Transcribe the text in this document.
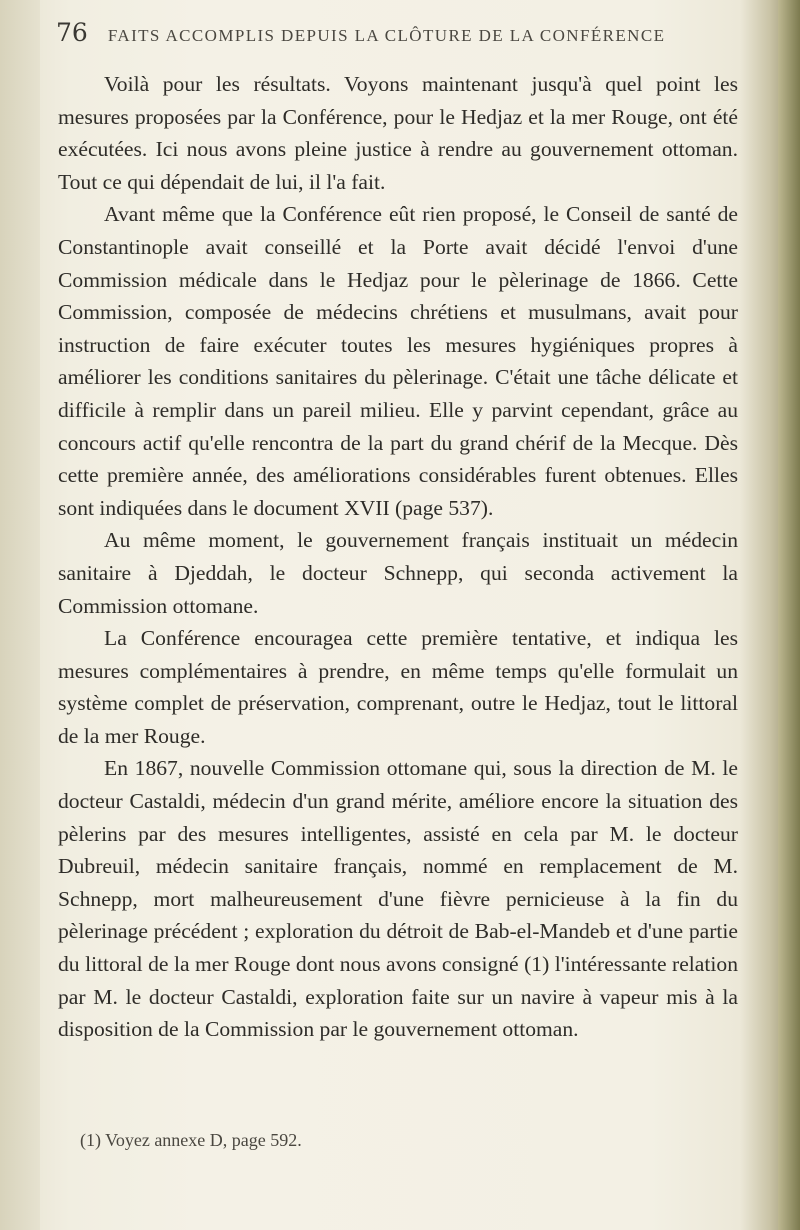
76 FAITS ACCOMPLIS DEPUIS LA CLÔTURE DE LA CONFÉRENCE

Voilà pour les résultats. Voyons maintenant jusqu'à quel point les mesures proposées par la Conférence, pour le Hedjaz et la mer Rouge, ont été exécutées. Ici nous avons pleine justice à rendre au gouvernement ottoman. Tout ce qui dépendait de lui, il l'a fait.

Avant même que la Conférence eût rien proposé, le Conseil de santé de Constantinople avait conseillé et la Porte avait décidé l'envoi d'une Commission médicale dans le Hedjaz pour le pèlerinage de 1866. Cette Commission, composée de médecins chrétiens et musulmans, avait pour instruction de faire exécuter toutes les mesures hygiéniques propres à améliorer les conditions sanitaires du pèlerinage. C'était une tâche délicate et difficile à remplir dans un pareil milieu. Elle y parvint cependant, grâce au concours actif qu'elle rencontra de la part du grand chérif de la Mecque. Dès cette première année, des améliorations considérables furent obtenues. Elles sont indiquées dans le document XVII (page 537).

Au même moment, le gouvernement français instituait un médecin sanitaire à Djeddah, le docteur Schnepp, qui seconda activement la Commission ottomane.

La Conférence encouragea cette première tentative, et indiqua les mesures complémentaires à prendre, en même temps qu'elle formulait un système complet de préservation, comprenant, outre le Hedjaz, tout le littoral de la mer Rouge.

En 1867, nouvelle Commission ottomane qui, sous la direction de M. le docteur Castaldi, médecin d'un grand mérite, améliore encore la situation des pèlerins par des mesures intelligentes, assisté en cela par M. le docteur Dubreuil, médecin sanitaire français, nommé en remplacement de M. Schnepp, mort malheureusement d'une fièvre pernicieuse à la fin du pèlerinage précédent ; exploration du détroit de Bab-el-Mandeb et d'une partie du littoral de la mer Rouge dont nous avons consigné (1) l'intéressante relation par M. le docteur Castaldi, exploration faite sur un navire à vapeur mis à la disposition de la Commission par le gouvernement ottoman.

(1) Voyez annexe D, page 592.
